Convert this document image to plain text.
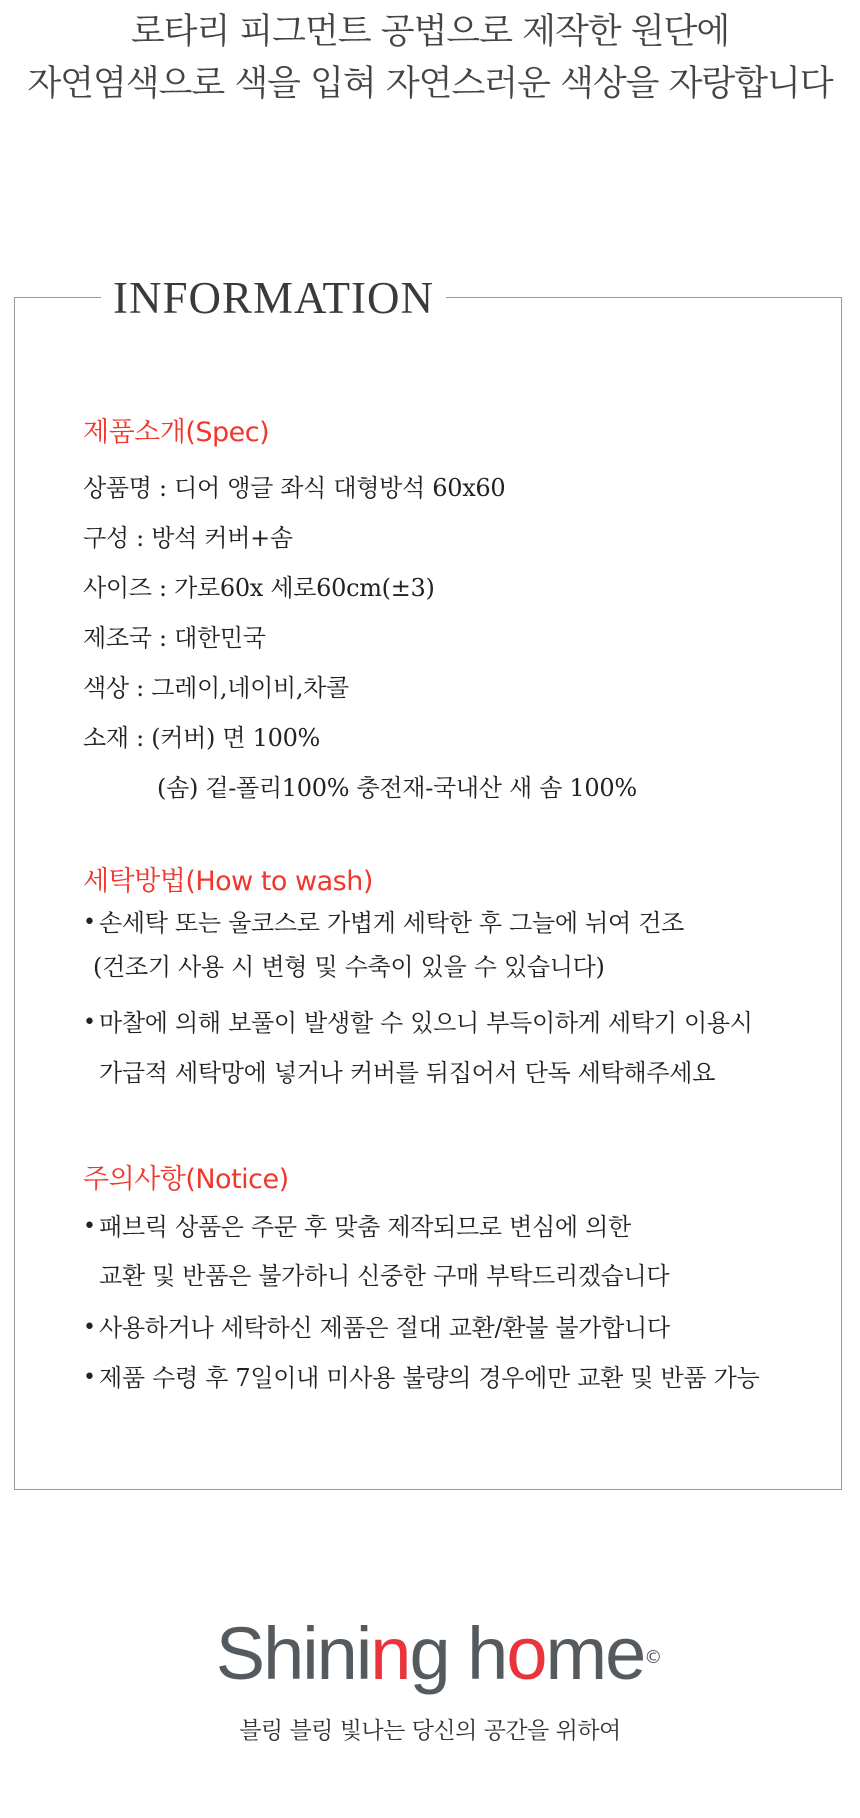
로타리 피그먼트 공법으로 제작한 원단에
자연염색으로 색을 입혀 자연스러운 색상을 자랑합니다
INFORMATION
제품소개(Spec)
상품명 : 디어 앵글 좌식 대형방석 60x60
구성 : 방석 커버+솜
사이즈 : 가로60x 세로60cm(±3)
제조국 : 대한민국
색상 : 그레이,네이비,차콜
소재 : (커버) 면 100%
(솜) 겉-폴리100% 충전재-국내산 새 솜 100%
세탁방법(How to wash)
• 손세탁 또는 울코스로 가볍게 세탁한 후 그늘에 뉘여 건조
(건조기 사용 시 변형 및 수축이 있을 수 있습니다)
• 마찰에 의해 보풀이 발생할 수 있으니 부득이하게 세탁기 이용시
가급적 세탁망에 넣거나 커버를 뒤집어서 단독 세탁해주세요
주의사항(Notice)
• 패브릭 상품은 주문 후 맞춤 제작되므로 변심에 의한
교환 및 반품은 불가하니 신중한 구매 부탁드리겠습니다
• 사용하거나 세탁하신 제품은 절대 교환/환불 불가합니다
• 제품 수령 후 7일이내 미사용 불량의 경우에만 교환 및 반품 가능
Shining home ©
블링 블링 빛나는 당신의 공간을 위하여
